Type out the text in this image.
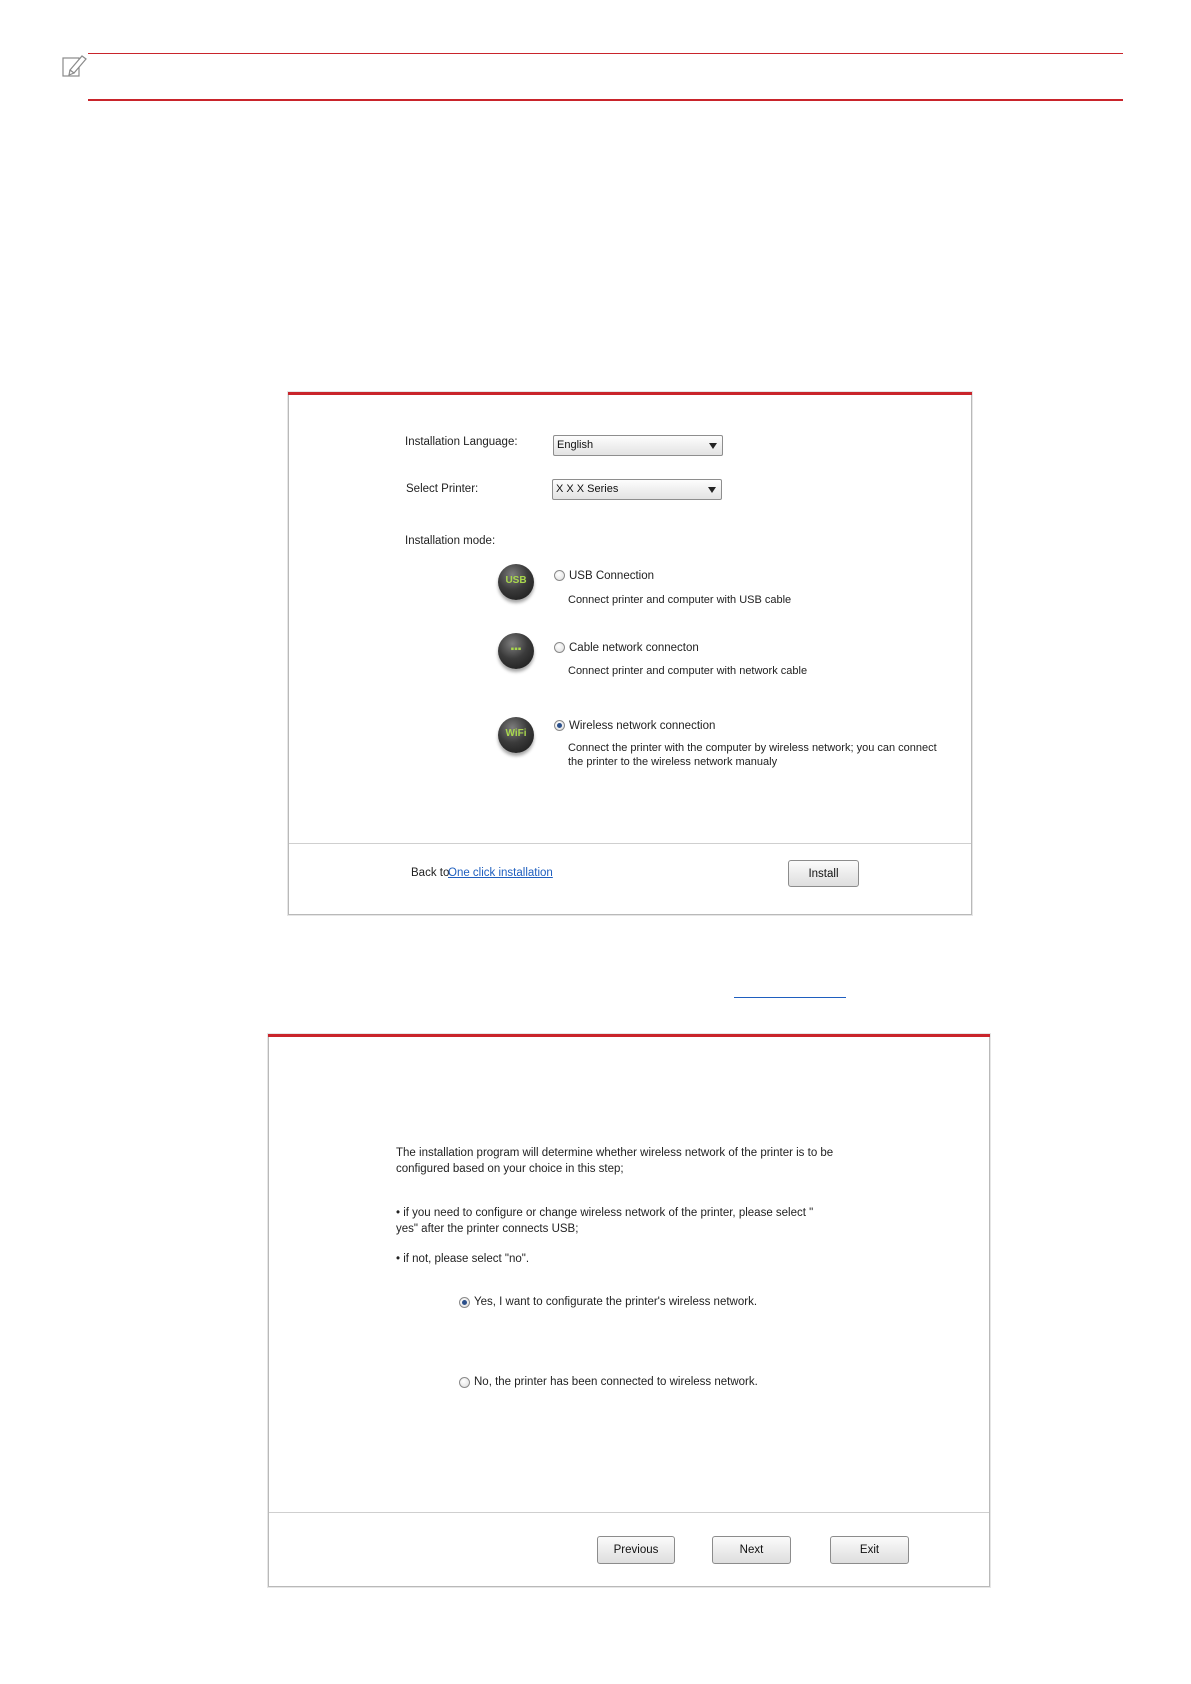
Installation Language:	English
Select Printer:	X X X Series
Installation mode:
USB	USB Connection
Connect printer and computer with USB cable
▪▪▪	Cable network connecton
Connect printer and computer with network cable
WiFi
Wireless network connection
Connect the printer with the computer by wireless network; you can connect
the printer to the wireless network manualy
Back to
One click installation	Install
The installation program will determine whether wireless network of the printer is to be
configured based on your choice in this step;
• if you need to configure or change wireless network of the printer, please select "
yes" after the printer connects USB;
• if not, please select "no".
Yes, I want to configurate the printer's wireless network.
No, the printer has been connected to wireless network.
Previous	Next	Exit
